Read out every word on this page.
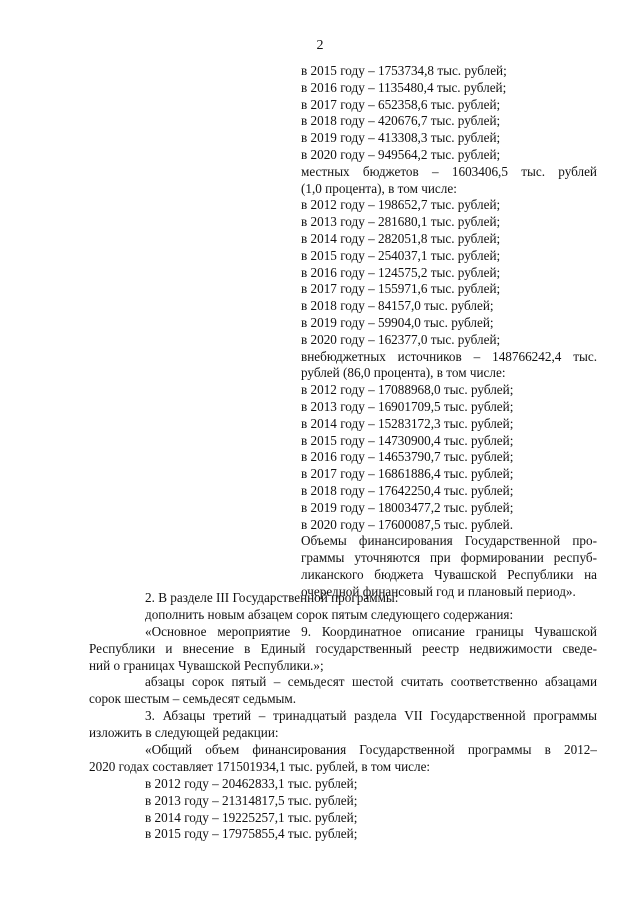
2
в 2015 году – 1753734,8 тыс. рублей;
в 2016 году – 1135480,4 тыс. рублей;
в 2017 году – 652358,6 тыс. рублей;
в 2018 году – 420676,7 тыс. рублей;
в 2019 году – 413308,3 тыс. рублей;
в 2020 году – 949564,2 тыс. рублей;
местных бюджетов – 1603406,5 тыс. рублей
(1,0 процента), в том числе:
в 2012 году – 198652,7 тыс. рублей;
в 2013 году – 281680,1 тыс. рублей;
в 2014 году – 282051,8 тыс. рублей;
в 2015 году – 254037,1 тыс. рублей;
в 2016 году – 124575,2 тыс. рублей;
в 2017 году – 155971,6 тыс. рублей;
в 2018 году – 84157,0 тыс. рублей;
в 2019 году – 59904,0 тыс. рублей;
в 2020 году – 162377,0 тыс. рублей;
внебюджетных источников – 148766242,4 тыс.
рублей (86,0 процента), в том числе:
в 2012 году – 17088968,0 тыс. рублей;
в 2013 году – 16901709,5 тыс. рублей;
в 2014 году – 15283172,3 тыс. рублей;
в 2015 году – 14730900,4 тыс. рублей;
в 2016 году – 14653790,7 тыс. рублей;
в 2017 году – 16861886,4 тыс. рублей;
в 2018 году – 17642250,4 тыс. рублей;
в 2019 году – 18003477,2 тыс. рублей;
в 2020 году – 17600087,5 тыс. рублей.
Объемы финансирования Государственной про-
граммы уточняются при формировании респуб-
ликанского бюджета Чувашской Республики на
очередной финансовый год и плановый период».
2. В разделе III Государственной программы:
дополнить новым абзацем сорок пятым следующего содержания:
«Основное мероприятие 9. Координатное описание границы Чувашской
Республики и внесение в Единый государственный реестр недвижимости сведе-
ний о границах Чувашской Республики.»;
абзацы сорок пятый – семьдесят шестой считать соответственно абзацами
сорок шестым – семьдесят седьмым.
3. Абзацы третий – тринадцатый раздела VII Государственной программы
изложить в следующей редакции:
«Общий объем финансирования Государственной программы в 2012–
2020 годах составляет 171501934,1 тыс. рублей, в том числе:
в 2012 году – 20462833,1 тыс. рублей;
в 2013 году – 21314817,5 тыс. рублей;
в 2014 году – 19225257,1 тыс. рублей;
в 2015 году – 17975855,4 тыс. рублей;
